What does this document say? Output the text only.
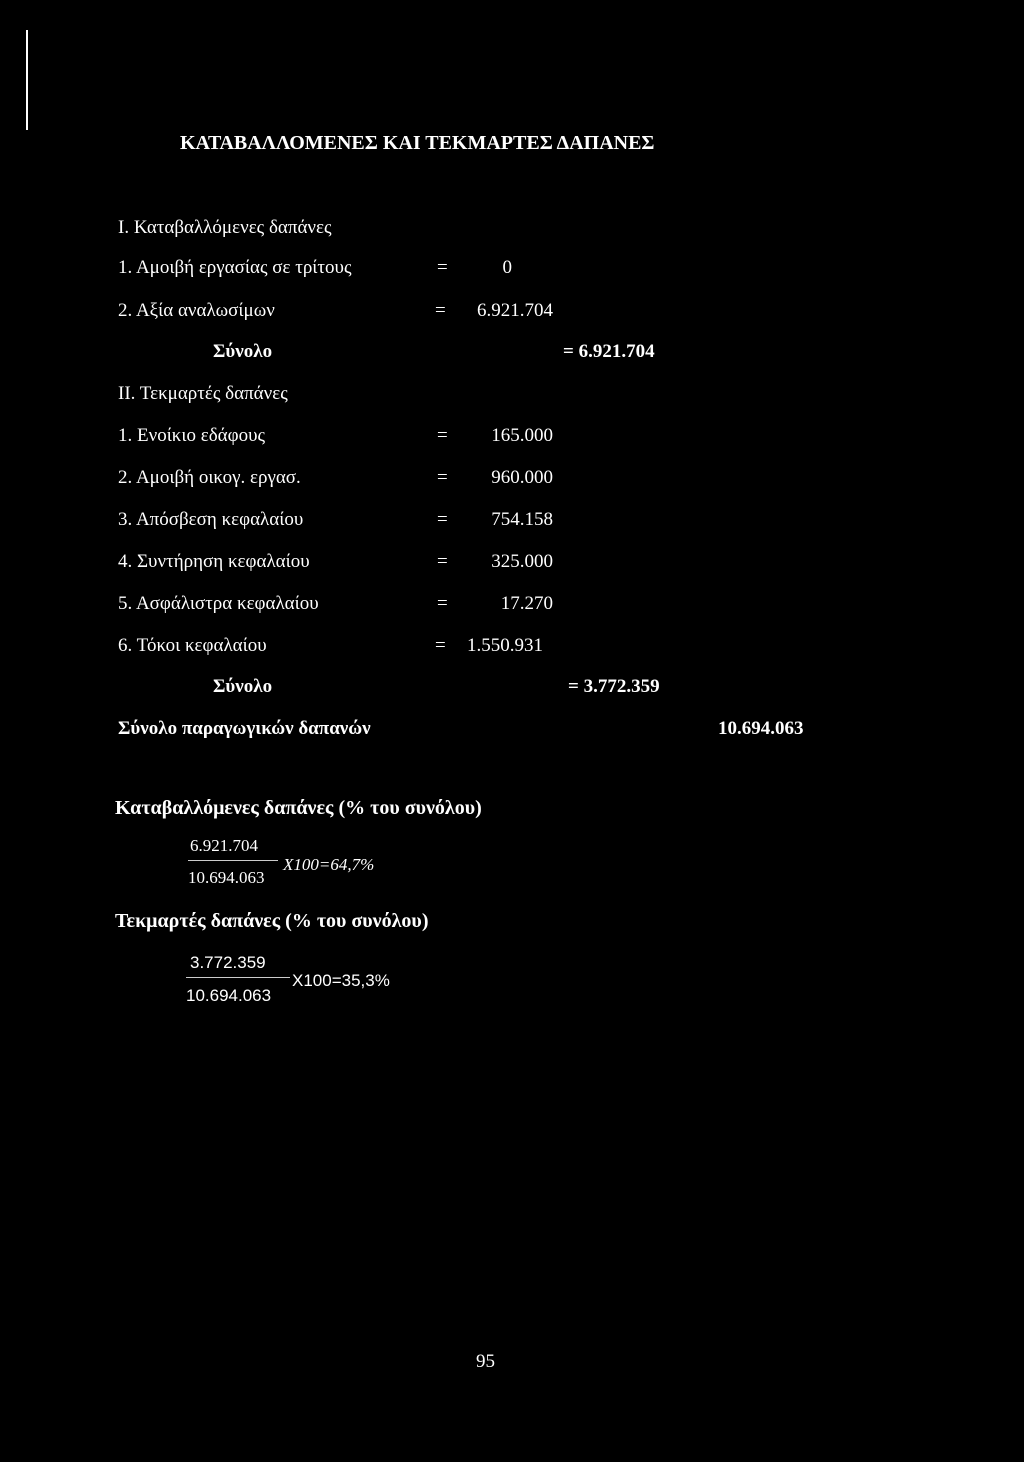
ΚΑΤΑΒΑΛΛΟΜΕΝΕΣ ΚΑΙ ΤΕΚΜΑΡΤΕΣ ΔΑΠΑΝΕΣ
Ι. Καταβαλλόμενες δαπάνες
1. Αμοιβή εργασίας σε τρίτους	=	0
2. Αξία αναλωσίμων	=	6.921.704
Σύνολο	= 6.921.704
ΙΙ. Τεκμαρτές δαπάνες
1. Ενοίκιο εδάφους	=	165.000
2. Αμοιβή οικογ. εργασ.	=	960.000
3. Απόσβεση κεφαλαίου	=	754.158
4. Συντήρηση κεφαλαίου	=	325.000
5. Ασφάλιστρα κεφαλαίου	=	17.270
6. Τόκοι κεφαλαίου	=	1.550.931
Σύνολο	= 3.772.359
Σύνολο παραγωγικών δαπανών	10.694.063
Καταβαλλόμενες δαπάνες (% του συνόλου)
6.921.704
10.694.063
Χ100=64,7%
Τεκμαρτές δαπάνες (% του συνόλου)
3.772.359
10.694.063
Χ100=35,3%
95
